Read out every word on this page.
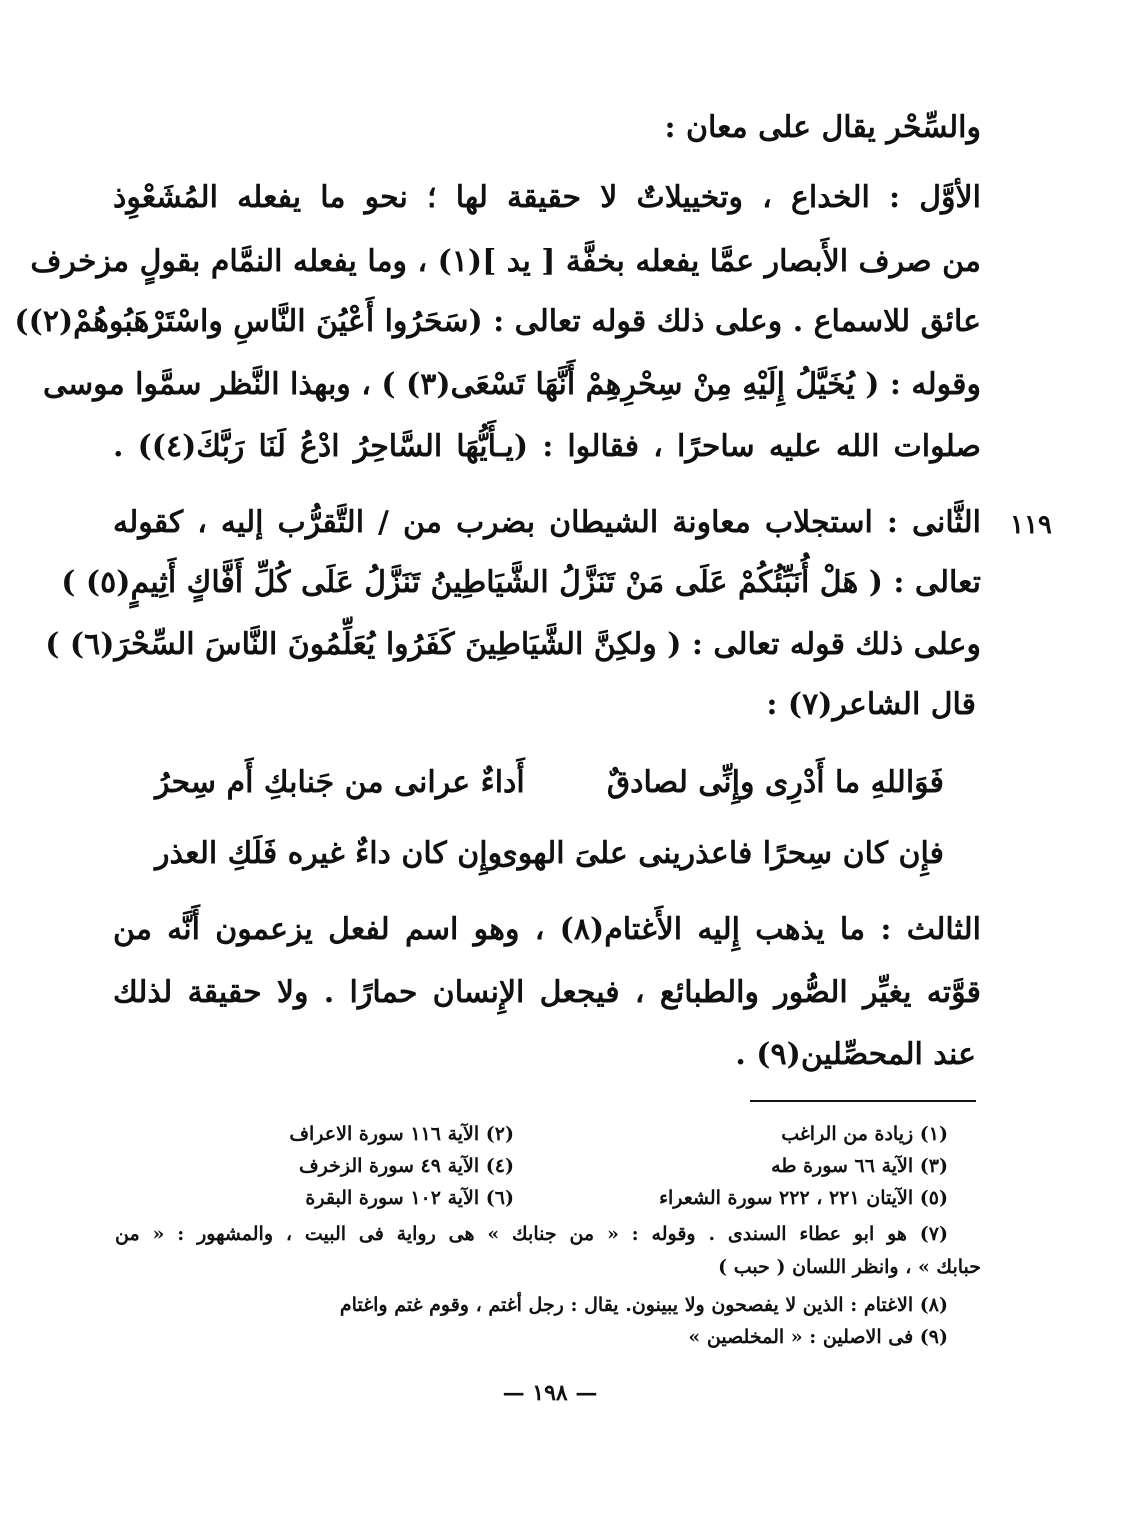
والسِّحْر يقال على معان :
الأوَّل : الخداع ، وتخييلاتٌ لا حقيقة لها ؛ نحو ما يفعله المُشَعْوِذ
من صرف الأَبصار عمَّا يفعله بخفَّة [ يد ](١) ، وما يفعله النمَّام بقولٍ مزخرف
عائق للاسماع . وعلى ذلك قوله تعالى : (سَحَرُوا أَعْيُنَ النَّاسِ واسْتَرْهَبُوهُمْ(٢))
وقوله : ( يُخَيَّلُ إِلَيْهِ مِنْ سِحْرِهِمْ أَنَّهَا تَسْعَى(٣) ) ، وبهذا النَّظر سمَّوا موسى
صلوات الله عليه ساحرًا ، فقالوا : (يـأَيُّهَا السَّاحِرُ ادْعُ لَنَا رَبَّكَ(٤)) .
١١٩
الثَّانى : استجلاب معاونة الشيطان بضرب من / التَّقرُّب إليه ، كقوله
تعالى : ( هَلْ أُنَبِّئُكُمْ عَلَى مَنْ تَنَزَّلُ الشَّيَاطِينُ تَنَزَّلُ عَلَى كُلِّ أَفَّاكٍ أَثِيمٍ(٥) )
وعلى ذلك قوله تعالى : ( ولكِنَّ الشَّيَاطِينَ كَفَرُوا يُعَلِّمُونَ النَّاسَ السِّحْرَ(٦) )
قال الشاعر(٧) :
فَوَاللهِ ما أَدْرِى وإِنِّى لصادقٌ
أَداءٌ عرانى من جَنابكِ أَم سِحرُ
فإِن كان سِحرًا فاعذرينى علىَ الهوى
وإِن كان داءٌ غيره فَلَكِ العذر
الثالث : ما يذهب إِليه الأَغتام(٨) ، وهو اسم لفعل يزعمون أَنَّه من
قوَّته يغيِّر الصُّور والطبائع ، فيجعل الإِنسان حمارًا . ولا حقيقة لذلك
عند المحصِّلين(٩) .
(١) زيادة من الراغب
(٢) الآية ١١٦ سورة الاعراف
(٣) الآية ٦٦ سورة طه
(٤) الآية ٤٩ سورة الزخرف
(٥) الآيتان ٢٢١ ، ٢٢٢ سورة الشعراء
(٦) الآية ١٠٢ سورة البقرة
(٧) هو ابو عطاء السندى . وقوله : « من جنابك » هى رواية فى البيت ، والمشهور : « من
حبابك » ، وانظر اللسان ( حبب )
(٨) الاغتام : الذين لا يفصحون ولا يبينون. يقال : رجل أغتم ، وقوم غتم واغتام
(٩) فى الاصلين : « المخلصين »
— ١٩٨ —
